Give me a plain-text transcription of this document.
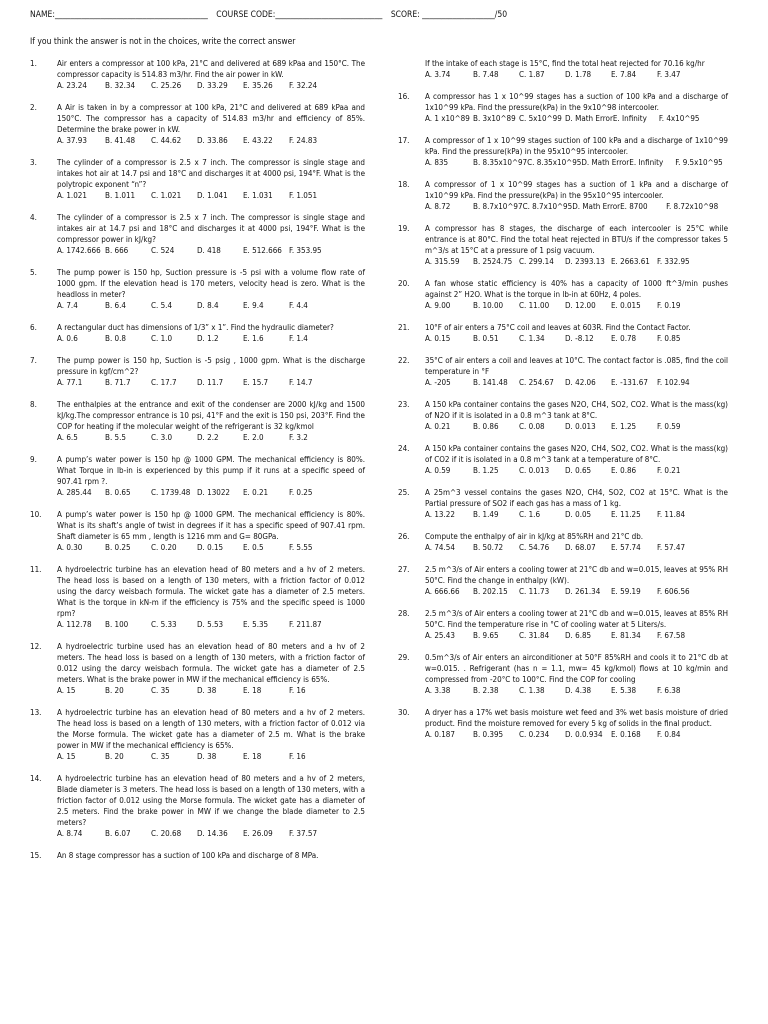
NAME:________________________________________ COURSE CODE:____________________________ SCORE: ___________________/50
If you think the answer is not in the choices, write the correct answer
1.	Air enters a compressor at 100 kPa, 21°C and delivered at 689 kPaa and 150°C. The compressor capacity is 514.83 m3/hr. Find the air power in kW.
A. 23.24	B. 32.34	C. 25.26	D. 33.29	E. 35.26	F. 32.24
2.	A Air is taken in by a compressor at 100 kPa, 21°C and delivered at 689 kPaa and 150°C. The compressor has a capacity of 514.83 m3/hr and efficiency of 85%. Determine the brake power in kW.
A. 37.93	B. 41.48	C. 44.62	D. 33.86	E. 43.22	F. 24.83
3.	The cylinder of a compressor is 2.5 x 7 inch. The compressor is single stage and intakes hot air at 14.7 psi and 18°C and discharges it at 4000 psi, 194°F. What is the polytropic exponent “n”?
A. 1.021	B. 1.011	C. 1.021	D. 1.041	E. 1.031	F. 1.051
4.	The cylinder of a compressor is 2.5 x 7 inch. The compressor is single stage and intakes air at 14.7 psi and 18°C and discharges it at 4000 psi, 194°F. What is the compressor power in kJ/kg?
A. 1742.666 B. 666	C. 524	D. 418	E. 512.666 F. 353.95
5.	The pump power is 150 hp, Suction pressure is -5 psi with a volume flow rate of 1000 gpm. If the elevation head is 170 meters, velocity head is zero. What is the headloss in meter?
A. 7.4	B. 6.4	C. 5.4	D. 8.4	E. 9.4	F. 4.4
6.	A rectangular duct has dimensions of 1/3” x 1”. Find the hydraulic diameter?
A. 0.6	B. 0.8	C. 1.0	D. 1.2	E. 1.6	F. 1.4
7.	The pump power is 150 hp, Suction is -5 psig , 1000 gpm. What is the discharge pressure in kgf/cm^2?
A. 77.1	B. 71.7	C. 17.7	D. 11.7	E. 15.7	F. 14.7
8.	The enthalpies at the entrance and exit of the condenser are 2000 kJ/kg and 1500 kJ/kg.The compressor entrance is 10 psi, 41°F and the exit is 150 psi, 203°F. Find the COP for heating if the molecular weight of the refrigerant is 32 kg/kmol
A. 6.5	B. 5.5	C. 3.0	D. 2.2	E. 2.0	F. 3.2
9.	A pump’s water power is 150 hp @ 1000 GPM. The mechanical efficiency is 80%. What Torque in lb-in is experienced by this pump if it runs at a specific speed of 907.41 rpm ?.
A. 285.44	B. 0.65	C. 1739.48 D. 13022	E. 0.21	F. 0.25
10.	A pump’s water power is 150 hp @ 1000 GPM. The mechanical efficiency is 80%. What is its shaft’s angle of twist in degrees if it has a specific speed of 907.41 rpm. Shaft diameter is 65 mm , length is 1216 mm and G= 80GPa.
A. 0.30	B. 0.25	C. 0.20	D. 0.15	E. 0.5	F. 5.55
11.	A hydroelectric turbine has an elevation head of 80 meters and a hv of 2 meters. The head loss is based on a length of 130 meters, with a friction factor of 0.012 using the darcy weisbach formula. The wicket gate has a diameter of 2.5 meters. What is the torque in kN-m if the efficiency is 75% and the specific speed is 1000 rpm?
A. 112.78	B. 100	C. 5.33	D. 5.53	E. 5.35	F. 211.87
12.	A hydroelectric turbine used has an elevation head of 80 meters and a hv of 2 meters. The head loss is based on a length of 130 meters, with a friction factor of 0.012 using the darcy weisbach formula. The wicket gate has a diameter of 2.5 meters. What is the brake power in MW if the mechanical efficiency is 65%.
A. 15	B. 20	C. 35	D. 38	E. 18	F. 16
13.	A hydroelectric turbine has an elevation head of 80 meters and a hv of 2 meters. The head loss is based on a length of 130 meters, with a friction factor of 0.012 via the Morse formula. The wicket gate has a diameter of 2.5 m. What is the brake power in MW if the mechanical efficiency is 65%.
A. 15	B. 20	C. 35	D. 38	E. 18	F. 16
14.	A hydroelectric turbine has an elevation head of 80 meters and a hv of 2 meters, Blade diameter is 3 meters. The head loss is based on a length of 130 meters, with a friction factor of 0.012 using the Morse formula. The wicket gate has a diameter of 2.5 meters. Find the brake power in MW if we change the blade diameter to 2.5 meters?
A. 8.74	B. 6.07	C. 20.68	D. 14.36	E. 26.09	F. 37.57
15.	An 8 stage compressor has a suction of 100 kPa and discharge of 8 MPa.
If the intake of each stage is 15°C, find the total heat rejected for 70.16 kg/hr
A. 3.74	B. 7.48	C. 1.87	D. 1.78	E. 7.84	F. 3.47
16.	A compressor has 1 x 10^99 stages has a suction of 100 kPa and a discharge of 1x10^99 kPa. Find the pressure(kPa) in the 9x10^98 intercooler.
A. 1 x10^89 B. 3x10^89 C. 5x10^99 D. Math Error E. Infinity	F. 4x10^95
17.	A compressor of 1 x 10^99 stages suction of 100 kPa and a discharge of 1x10^99 kPa. Find the pressure(kPa) in the 95x10^95 intercooler.
A. 835	B. 8.35x10^97 C. 8.35x10^95 D. Math Error E. Infinity	F. 9.5x10^95
18.	A compressor of 1 x 10^99 stages has a suction of 1 kPa and a discharge of 1x10^99 kPa. Find the pressure(kPa) in the 95x10^95 intercooler.
A. 8.72	B. 8.7x10^97 C. 8.7x10^95 D. Math Error E. 8700	F. 8.72x10^98
19.	A compressor has 8 stages, the discharge of each intercooler is 25°C while entrance is at 80°C. Find the total heat rejected in BTU/s if the compressor takes 5 m^3/s at 15°C at a pressure of 1 psig vacuum.
A. 315.59	B. 2524.75 C. 299.14	D. 2393.13 E. 2663.61 F. 332.95
20.	A fan whose static efficiency is 40% has a capacity of 1000 ft^3/min pushes against 2” H2O. What is the torque in lb-in at 60Hz, 4 poles.
A. 9.00	B. 10.00	C. 11.00	D. 12.00	E. 0.015	F. 0.19
21.	10°F of air enters a 75°C coil and leaves at 603R. Find the Contact Factor.
A. 0.15	B. 0.51	C. 1.34	D. -8.12	E. 0.78	F. 0.85
22.	35°C of air enters a coil and leaves at 10°C. The contact factor is .085, find the coil temperature in °F
A. -205	B. 141.48	C. 254.67	D. 42.06	E. -131.67	F. 102.94
23.	A 150 kPa container contains the gases N2O, CH4, SO2, CO2. What is the mass(kg) of N2O if it is isolated in a 0.8 m^3 tank at 8°C.
A. 0.21	B. 0.86	C. 0.08	D. 0.013	E. 1.25	F. 0.59
24.	A 150 kPa container contains the gases N2O, CH4, SO2, CO2. What is the mass(kg) of CO2 if it is isolated in a 0.8 m^3 tank at a temperature of 8°C.
A. 0.59	B. 1.25	C. 0.013	D. 0.65	E. 0.86	F. 0.21
25.	A 25m^3 vessel contains the gases N2O, CH4, SO2, CO2 at 15°C. What is the Partial pressure of SO2 if each gas has a mass of 1 kg.
A. 13.22	B. 1.49	C. 1.6	D. 0.05	E. 11.25	F. 11.84
26.	Compute the enthalpy of air in kJ/kg at 85%RH and 21°C db.
A. 74.54	B. 50.72	C. 54.76	D. 68.07	E. 57.74	F. 57.47
27.	2.5 m^3/s of Air enters a cooling tower at 21°C db and w=0.015, leaves at 95% RH 50°C. Find the change in enthalpy (kW).
A. 666.66	B. 202.15	C. 11.73	D. 261.34	E. 59.19	F. 606.56
28.	2.5 m^3/s of Air enters a cooling tower at 21°C db and w=0.015, leaves at 85% RH 50°C. Find the temperature rise in °C of cooling water at 5 Liters/s.
A. 25.43	B. 9.65	C. 31.84	D. 6.85	E. 81.34	F. 67.58
29.	0.5m^3/s of Air enters an airconditioner at 50°F 85%RH and cools it to 21°C db at w=0.015. . Refrigerant (has n = 1.1, mw= 45 kg/kmol) flows at 10 kg/min and compressed from -20°C to 100°C. Find the COP for cooling
A. 3.38	B. 2.38	C. 1.38	D. 4.38	E. 5.38	F. 6.38
30.	A dryer has a 17% wet basis moisture wet feed and 3% wet basis moisture of dried product. Find the moisture removed for every 5 kg of solids in the final product.
A. 0.187	B. 0.395	C. 0.234	D. 0.0.934	E. 0.168	F. 0.84
